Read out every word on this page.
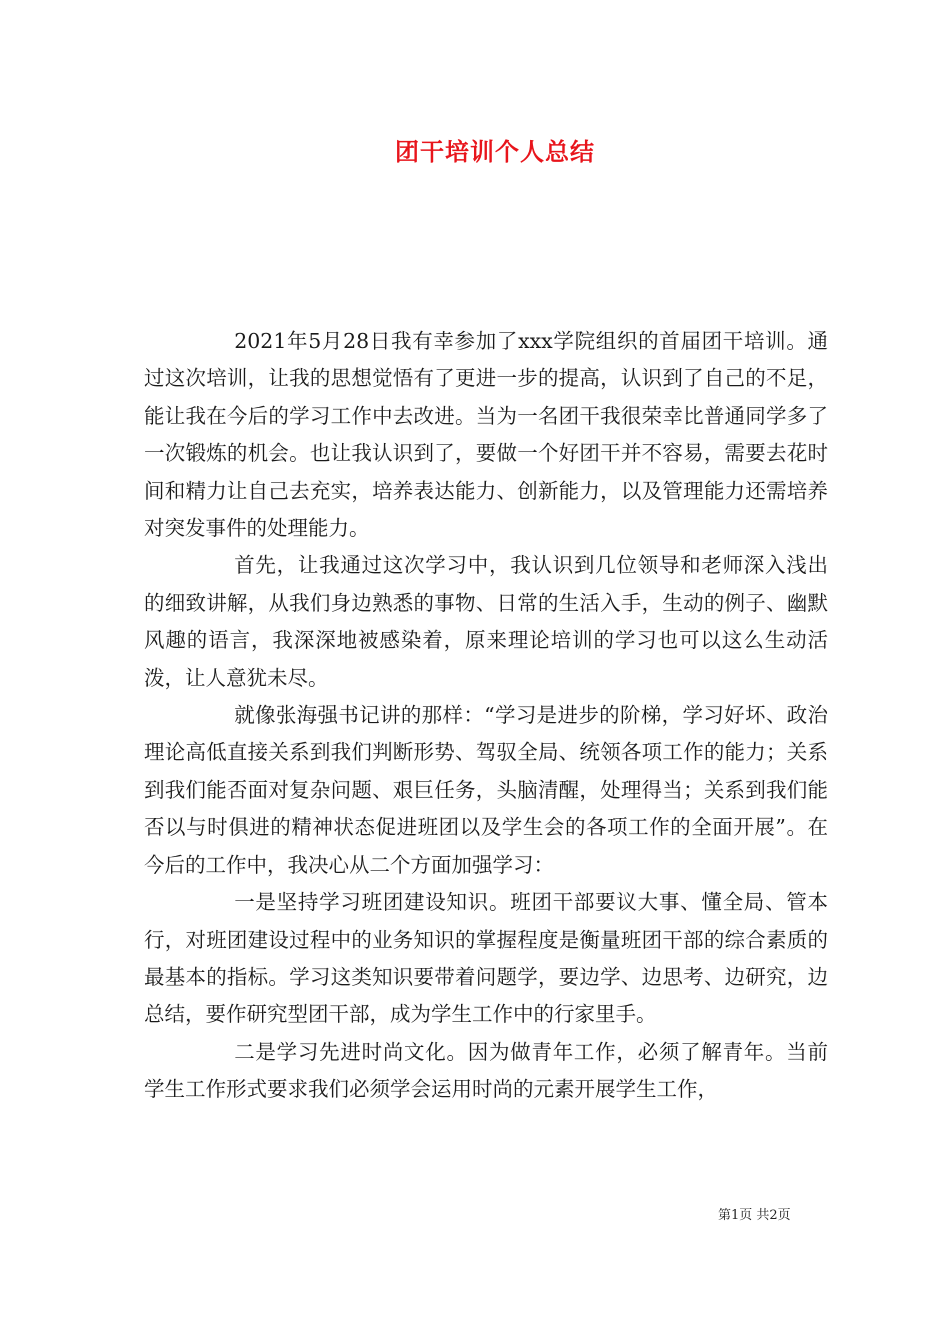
团干培训个人总结

2021年5月28日我有幸参加了xxx学院组织的首届团干培训。通过这次培训，让我的思想觉悟有了更进一步的提高，认识到了自己的不足，能让我在今后的学习工作中去改进。当为一名团干我很荣幸比普通同学多了一次锻炼的机会。也让我认识到了，要做一个好团干并不容易，需要去花时间和精力让自己去充实，培养表达能力、创新能力，以及管理能力还需培养对突发事件的处理能力。

首先，让我通过这次学习中，我认识到几位领导和老师深入浅出的细致讲解，从我们身边熟悉的事物、日常的生活入手，生动的例子、幽默风趣的语言，我深深地被感染着，原来理论培训的学习也可以这么生动活泼，让人意犹未尽。

就像张海强书记讲的那样：“学习是进步的阶梯，学习好坏、政治理论高低直接关系到我们判断形势、驾驭全局、统领各项工作的能力；关系到我们能否面对复杂问题、艰巨任务，头脑清醒，处理得当；关系到我们能否以与时俱进的精神状态促进班团以及学生会的各项工作的全面开展”。在今后的工作中，我决心从二个方面加强学习：

一是坚持学习班团建设知识。班团干部要议大事、懂全局、管本行，对班团建设过程中的业务知识的掌握程度是衡量班团干部的综合素质的最基本的指标。学习这类知识要带着问题学，要边学、边思考、边研究，边总结，要作研究型团干部，成为学生工作中的行家里手。

二是学习先进时尚文化。因为做青年工作，必须了解青年。当前学生工作形式要求我们必须学会运用时尚的元素开展学生工作，

第1页 共2页
